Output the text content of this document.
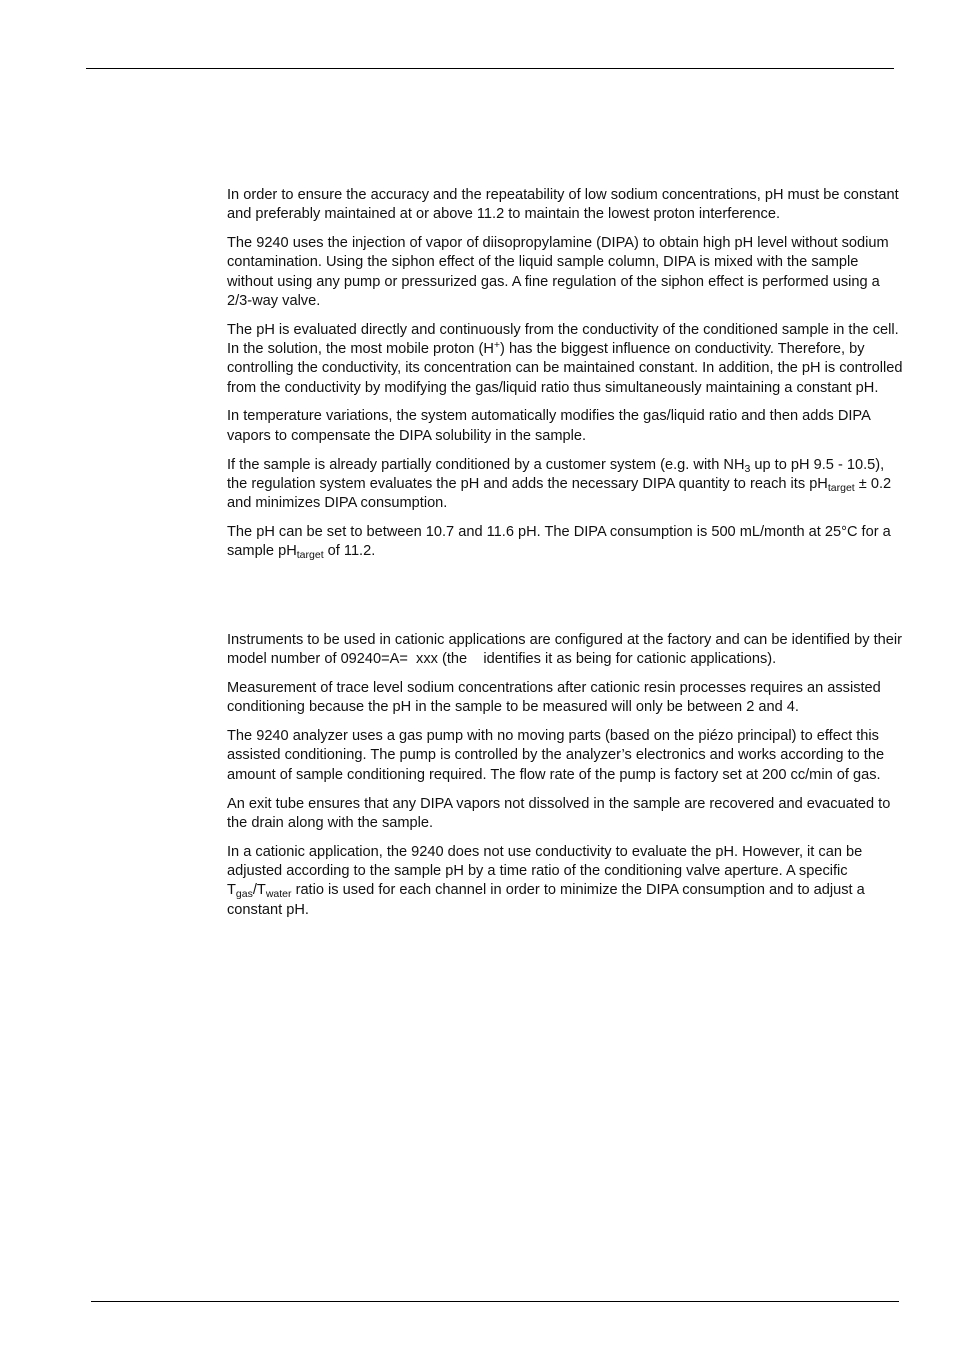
In order to ensure the accuracy and the repeatability of low sodium concentrations, pH must be constant and preferably maintained at or above 11.2 to maintain the lowest proton interference.

The 9240 uses the injection of vapor of diisopropylamine (DIPA) to obtain high pH level without sodium contamination. Using the siphon effect of the liquid sample column, DIPA is mixed with the sample without using any pump or pressurized gas. A fine regulation of the siphon effect is performed using a 2/3-way valve.

The pH is evaluated directly and continuously from the conductivity of the conditioned sample in the cell. In the solution, the most mobile proton (H+) has the biggest influence on conductivity. Therefore, by controlling the conductivity, its concentration can be maintained constant. In addition, the pH is controlled from the conductivity by modifying the gas/liquid ratio thus simultaneously maintaining a constant pH.

In temperature variations, the system automatically modifies the gas/liquid ratio and then adds DIPA vapors to compensate the DIPA solubility in the sample.

If the sample is already partially conditioned by a customer system (e.g. with $NH_3$ up to pH 9.5 - 10.5), the regulation system evaluates the pH and adds the necessary DIPA quantity to reach its $pH_{target} \pm 0.2$ and minimizes DIPA consumption.

The pH can be set to between 10.7 and 11.6 pH. The DIPA consumption is 500 mL/month at 25°C for a sample $pH_{target}$ of 11.2.

Instruments to be used in cationic applications are configured at the factory and can be identified by their model number of 09240=A=  xxx (the    identifies it as being for cationic applications).

Measurement of trace level sodium concentrations after cationic resin processes requires an assisted conditioning because the pH in the sample to be measured will only be between 2 and 4.

The 9240 analyzer uses a gas pump with no moving parts (based on the piézo principal) to effect this assisted conditioning. The pump is controlled by the analyzer’s electronics and works according to the amount of sample conditioning required. The flow rate of the pump is factory set at 200 cc/min of gas.

An exit tube ensures that any DIPA vapors not dissolved in the sample are recovered and evacuated to the drain along with the sample.

In a cationic application, the 9240 does not use conductivity to evaluate the pH. However, it can be adjusted according to the sample pH by a time ratio of the conditioning valve aperture. A specific $T_{gas}/T_{water}$ ratio is used for each channel in order to minimize the DIPA consumption and to adjust a constant pH.
